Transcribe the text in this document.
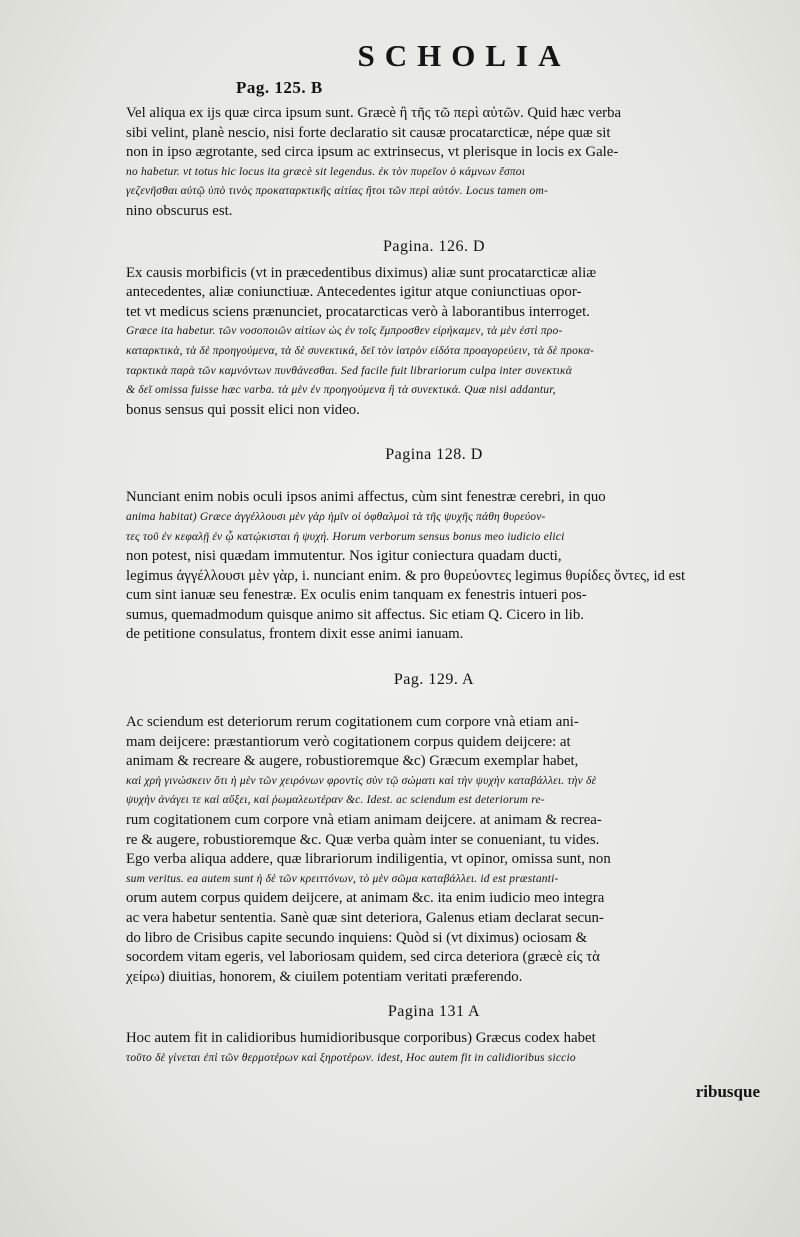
SCHOLIA
Pag. 125. B
Vel aliqua ex ijs quæ circa ipsum sunt. Græcè ἢ τῆς τῶ περὶ αὐτῶν. Quid hæc verba
sibi velint, planè nescio, nisi forte declaratio sit causæ procatarcticæ, népe quæ sit
non in ipso ægrotante, sed circa ipsum ac extrinsecus, vt plerisque in locis ex Gale-
no habetur. vt totus hic locus ita græcè sit legendus. ἐκ τὸν πυρεῖον ὁ κάμνων ἔσποι
γεζενῆσθαι αὐτῷ ὑπὸ τινὸς προκαταρκτικῆς αἰτίας ἤτοι τῶν περὶ αὐτόν. Locus tamen om-
nino obscurus est.
Pagina. 126. D
Ex causis morbificis (vt in præcedentibus diximus) aliæ sunt procatarcticæ aliæ
antecedentes, aliæ coniunctiuæ. Antecedentes igitur atque coniunctiuas opor-
tet vt medicus sciens prænunciet, procatarcticas verò à laborantibus interroget.
Græce ita habetur. τῶν νοσοποιῶν αἰτίων ὡς ἐν τοῖς ἔμπροσθεν εἰρήκαμεν, τὰ μὲν ἐστὶ προ-
καταρκτικὰ, τὰ δὲ προηγούμενα, τὰ δὲ συνεκτικά, δεῖ τὸν ἰατρὸν εἰδότα προαγορεύειν, τὰ δὲ προκα-
ταρκτικὰ παρὰ τῶν καμνόντων πυνθάνεσθαι. Sed facile fuit librariorum culpa inter συνεκτικὰ
& δεῖ omissa fuisse hæc varba. τὰ μὲν ἐν προηγούμενα ἢ τὰ συνεκτικά. Quæ nisi addantur,
bonus sensus qui possit elici non video.
Pagina 128. D
Nunciant enim nobis oculi ipsos animi affectus, cùm sint fenestræ cerebri, in quo
anima habitat) Græce ἀγγέλλουσι μὲν γὰρ ἡμῖν οἱ ὀφθαλμοὶ τὰ τῆς ψυχῆς πάθη θυρεύον-
τες τοῦ ἐν κεφαλῇ ἐν ᾧ κατῴκισται ἡ ψυχή. Horum verborum sensus bonus meo iudicio elici
non potest, nisi quædam immutentur. Nos igitur coniectura quadam ducti,
legimus ἀγγέλλουσι μὲν γὰρ, i. nunciant enim. & pro θυρεύοντες legimus θυρίδες ὄντες, id est
cum sint ianuæ seu fenestræ. Ex oculis enim tanquam ex fenestris intueri pos-
sumus, quemadmodum quisque animo sit affectus. Sic etiam Q. Cicero in lib.
de petitione consulatus, frontem dixit esse animi ianuam.
Pag. 129. A
Ac sciendum est deteriorum rerum cogitationem cum corpore vnà etiam ani-
mam deijcere: præstantiorum verò cogitationem corpus quidem deijcere: at
animam & recreare & augere, robustioremque &c) Græcum exemplar habet,
καὶ χρὴ γινώσκειν ὅτι ἡ μὲν τῶν χειρόνων φροντὶς σὺν τῷ σώματι καὶ τὴν ψυχὴν καταβάλλει. τὴν δὲ
ψυχὴν ἀνάγει τε καὶ αὔξει, καὶ ῥωμαλεωτέραν &c. Idest. ac sciendum est deteriorum re-
rum cogitationem cum corpore vnà etiam animam deijcere. at animam & recrea-
re & augere, robustioremque &c. Quæ verba quàm inter se conueniant, tu vides.
Ego verba aliqua addere, quæ librariorum indiligentia, vt opinor, omissa sunt, non
sum veritus. ea autem sunt ἡ δὲ τῶν κρειττόνων, τὸ μὲν σῶμα καταβάλλει. id est præstanti-
orum autem corpus quidem deijcere, at animam &c. ita enim iudicio meo integra
ac vera habetur sententia. Sanè quæ sint deteriora, Galenus etiam declarat secun-
do libro de Crisibus capite secundo inquiens: Quòd si (vt diximus) ociosam &
socordem vitam egeris, vel laboriosam quidem, sed circa deteriora (græcè εἰς τὰ
χείρω) diuitias, honorem, & ciuilem potentiam veritati præferendo.
Pagina 131 A
Hoc autem fit in calidioribus humidioribusque corporibus) Græcus codex habet
τοῦτο δὲ γίνεται ἐπὶ τῶν θερμοτέρων καὶ ξηροτέρων. idest, Hoc autem fit in calidioribus siccio
ribusque
